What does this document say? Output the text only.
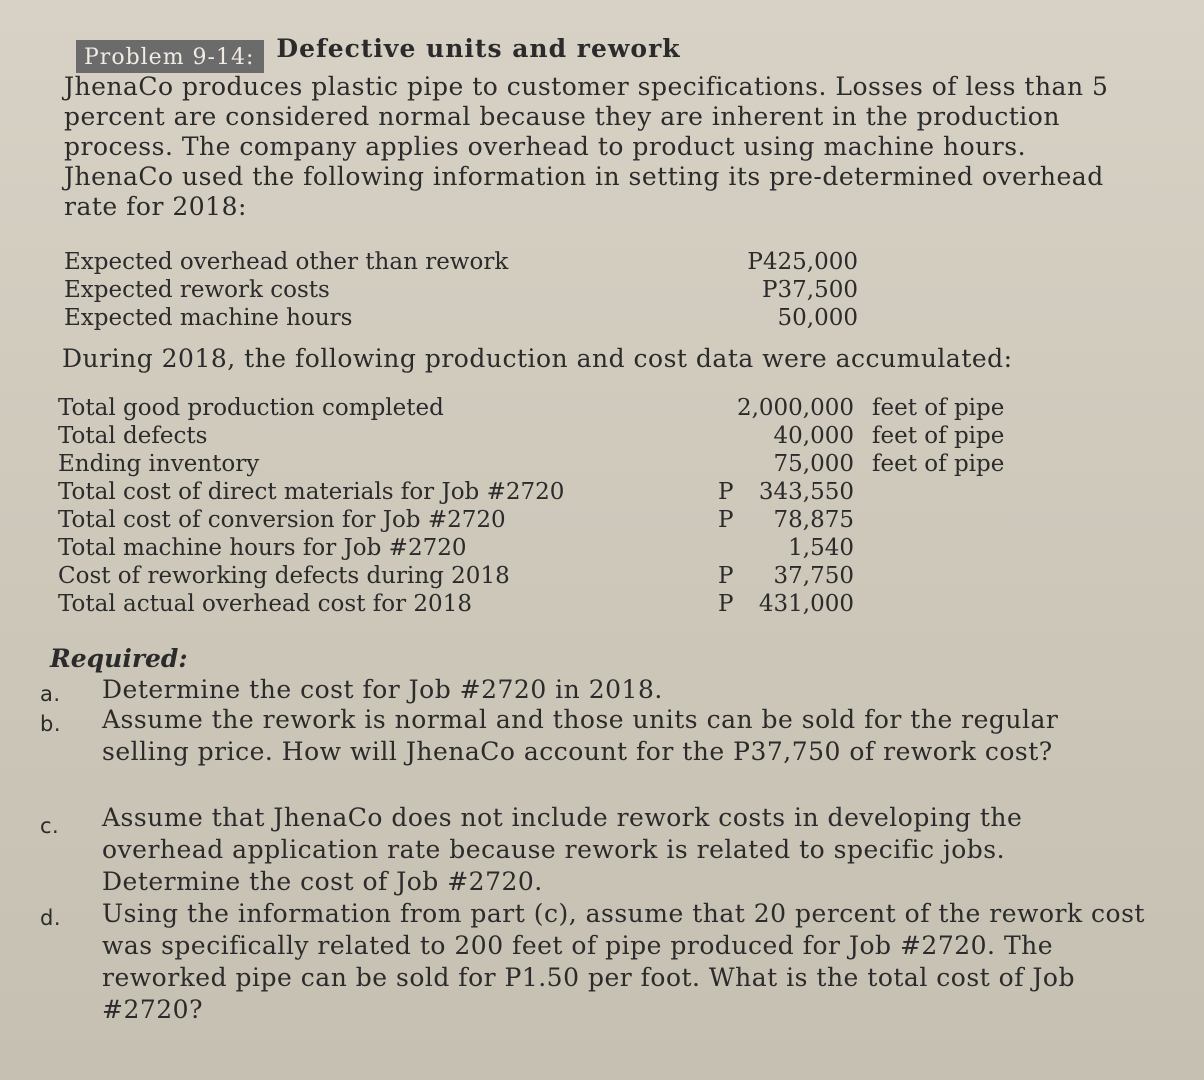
Problem 9-14: Defective units and rework
JhenaCo produces plastic pipe to customer specifications. Losses of less than 5 percent are considered normal because they are inherent in the production process. The company applies overhead to product using machine hours. JhenaCo used the following information in setting its pre-determined overhead rate for 2018:
Expected overhead other than rework	P425,000
Expected rework costs	P37,500
Expected machine hours	50,000
During 2018, the following production and cost data were accumulated:
Total good production completed	2,000,000 feet of pipe
Total defects	40,000 feet of pipe
Ending inventory	75,000 feet of pipe
Total cost of direct materials for Job #2720	P 343,550
Total cost of conversion for Job #2720	P 78,875
Total machine hours for Job #2720	1,540
Cost of reworking defects during 2018	P 37,750
Total actual overhead cost for 2018	P 431,000
Required:
a. Determine the cost for Job #2720 in 2018.
b. Assume the rework is normal and those units can be sold for the regular selling price. How will JhenaCo account for the P37,750 of rework cost?
c. Assume that JhenaCo does not include rework costs in developing the overhead application rate because rework is related to specific jobs. Determine the cost of Job #2720.
d. Using the information from part (c), assume that 20 percent of the rework cost was specifically related to 200 feet of pipe produced for Job #2720. The reworked pipe can be sold for P1.50 per foot. What is the total cost of Job #2720?
